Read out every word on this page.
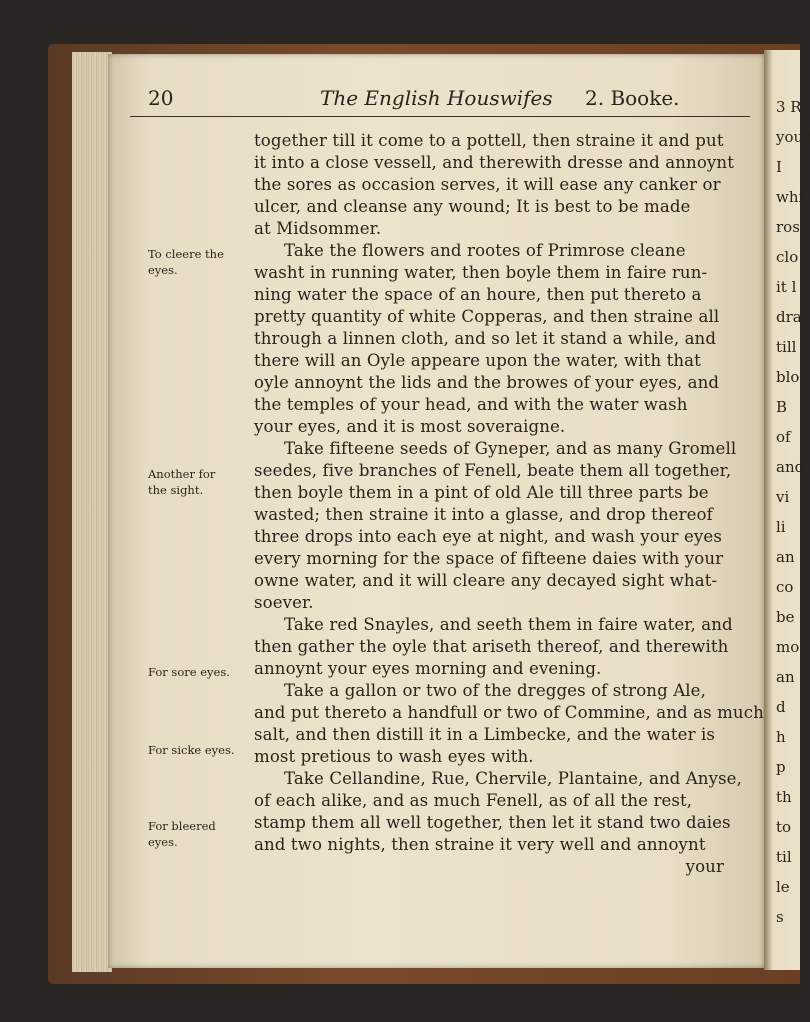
3 R
your
I
whi
ros
clo
it l
dra
till
blo
B
of
and
vi
li
an
co
be
mo
an
d
h
p
th
to
til
le
s
20	The English Houswifes 2. Booke.
To cleere the
eyes.
Another for
the sight.
For sore eyes.
For sicke eyes.
For bleered
eyes.
together till it come to a pottell, then straine it and put
it into a close vessell, and therewith dresse and annoynt
the sores as occasion serves, it will ease any canker or
ulcer, and cleanse any wound; It is best to be made
at Midsommer.
Take the flowers and rootes of Primrose cleane
washt in running water, then boyle them in faire run-
ning water the space of an houre, then put thereto a
pretty quantity of white Copperas, and then straine all
through a linnen cloth, and so let it stand a while, and
there will an Oyle appeare upon the water, with that
oyle annoynt the lids and the browes of your eyes, and
the temples of your head, and with the water wash
your eyes, and it is most soveraigne.
Take fifteene seeds of Gyneper, and as many Gromell
seedes, five branches of Fenell, beate them all together,
then boyle them in a pint of old Ale till three parts be
wasted; then straine it into a glasse, and drop thereof
three drops into each eye at night, and wash your eyes
every morning for the space of fifteene daies with your
owne water, and it will cleare any decayed sight what-
soever.
Take red Snayles, and seeth them in faire water, and
then gather the oyle that ariseth thereof, and therewith
annoynt your eyes morning and evening.
Take a gallon or two of the dregges of strong Ale,
and put thereto a handfull or two of Commine, and as much
salt, and then distill it in a Limbecke, and the water is
most pretious to wash eyes with.
Take Cellandine, Rue, Chervile, Plantaine, and Anyse,
of each alike, and as much Fenell, as of all the rest,
stamp them all well together, then let it stand two daies
and two nights, then straine it very well and annoynt
your
